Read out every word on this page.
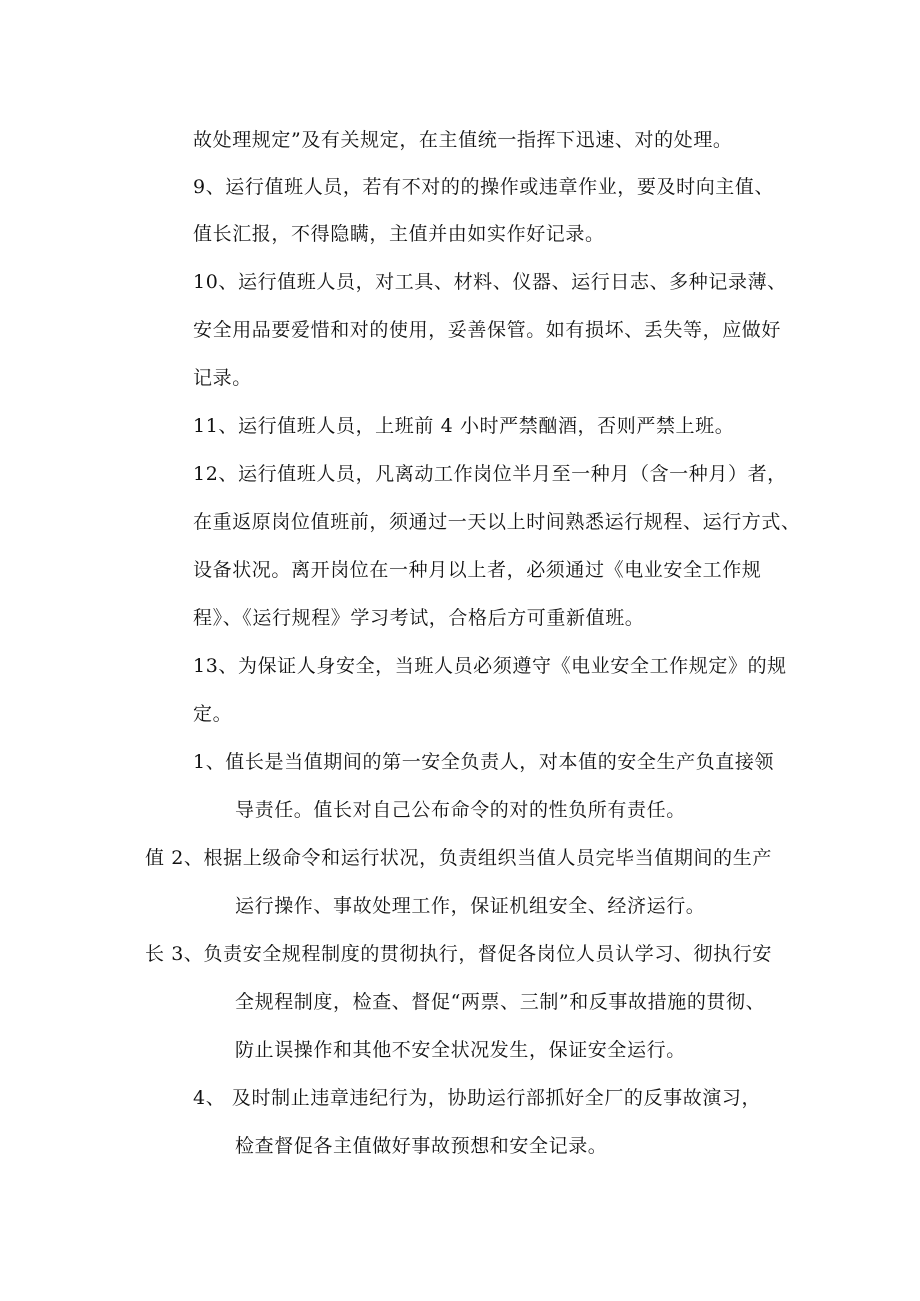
故处理规定”及有关规定，在主值统一指挥下迅速、对的处理。
9、运行值班人员，若有不对的的操作或违章作业，要及时向主值、
值长汇报，不得隐瞒，主值并由如实作好记录。
10、运行值班人员，对工具、材料、仪器、运行日志、多种记录薄、
安全用品要爱惜和对的使用，妥善保管。如有损坏、丢失等，应做好
记录。
11、运行值班人员，上班前 4 小时严禁酗酒，否则严禁上班。
12、运行值班人员，凡离动工作岗位半月至一种月（含一种月）者，
在重返原岗位值班前，须通过一天以上时间熟悉运行规程、运行方式、
设备状况。离开岗位在一种月以上者，必须通过《电业安全工作规
程》、《运行规程》学习考试，合格后方可重新值班。
13、为保证人身安全，当班人员必须遵守《电业安全工作规定》的规
定。
1、值长是当值期间的第一安全负责人，对本值的安全生产负直接领
导责任。值长对自己公布命令的对的性负所有责任。
值 2、根据上级命令和运行状况，负责组织当值人员完毕当值期间的生产
运行操作、事故处理工作，保证机组安全、经济运行。
长 3、负责安全规程制度的贯彻执行，督促各岗位人员认学习、彻执行安
全规程制度，检查、督促“两票、三制”和反事故措施的贯彻、
防止误操作和其他不安全状况发生，保证安全运行。
4、 及时制止违章违纪行为，协助运行部抓好全厂的反事故演习，
检查督促各主值做好事故预想和安全记录。
